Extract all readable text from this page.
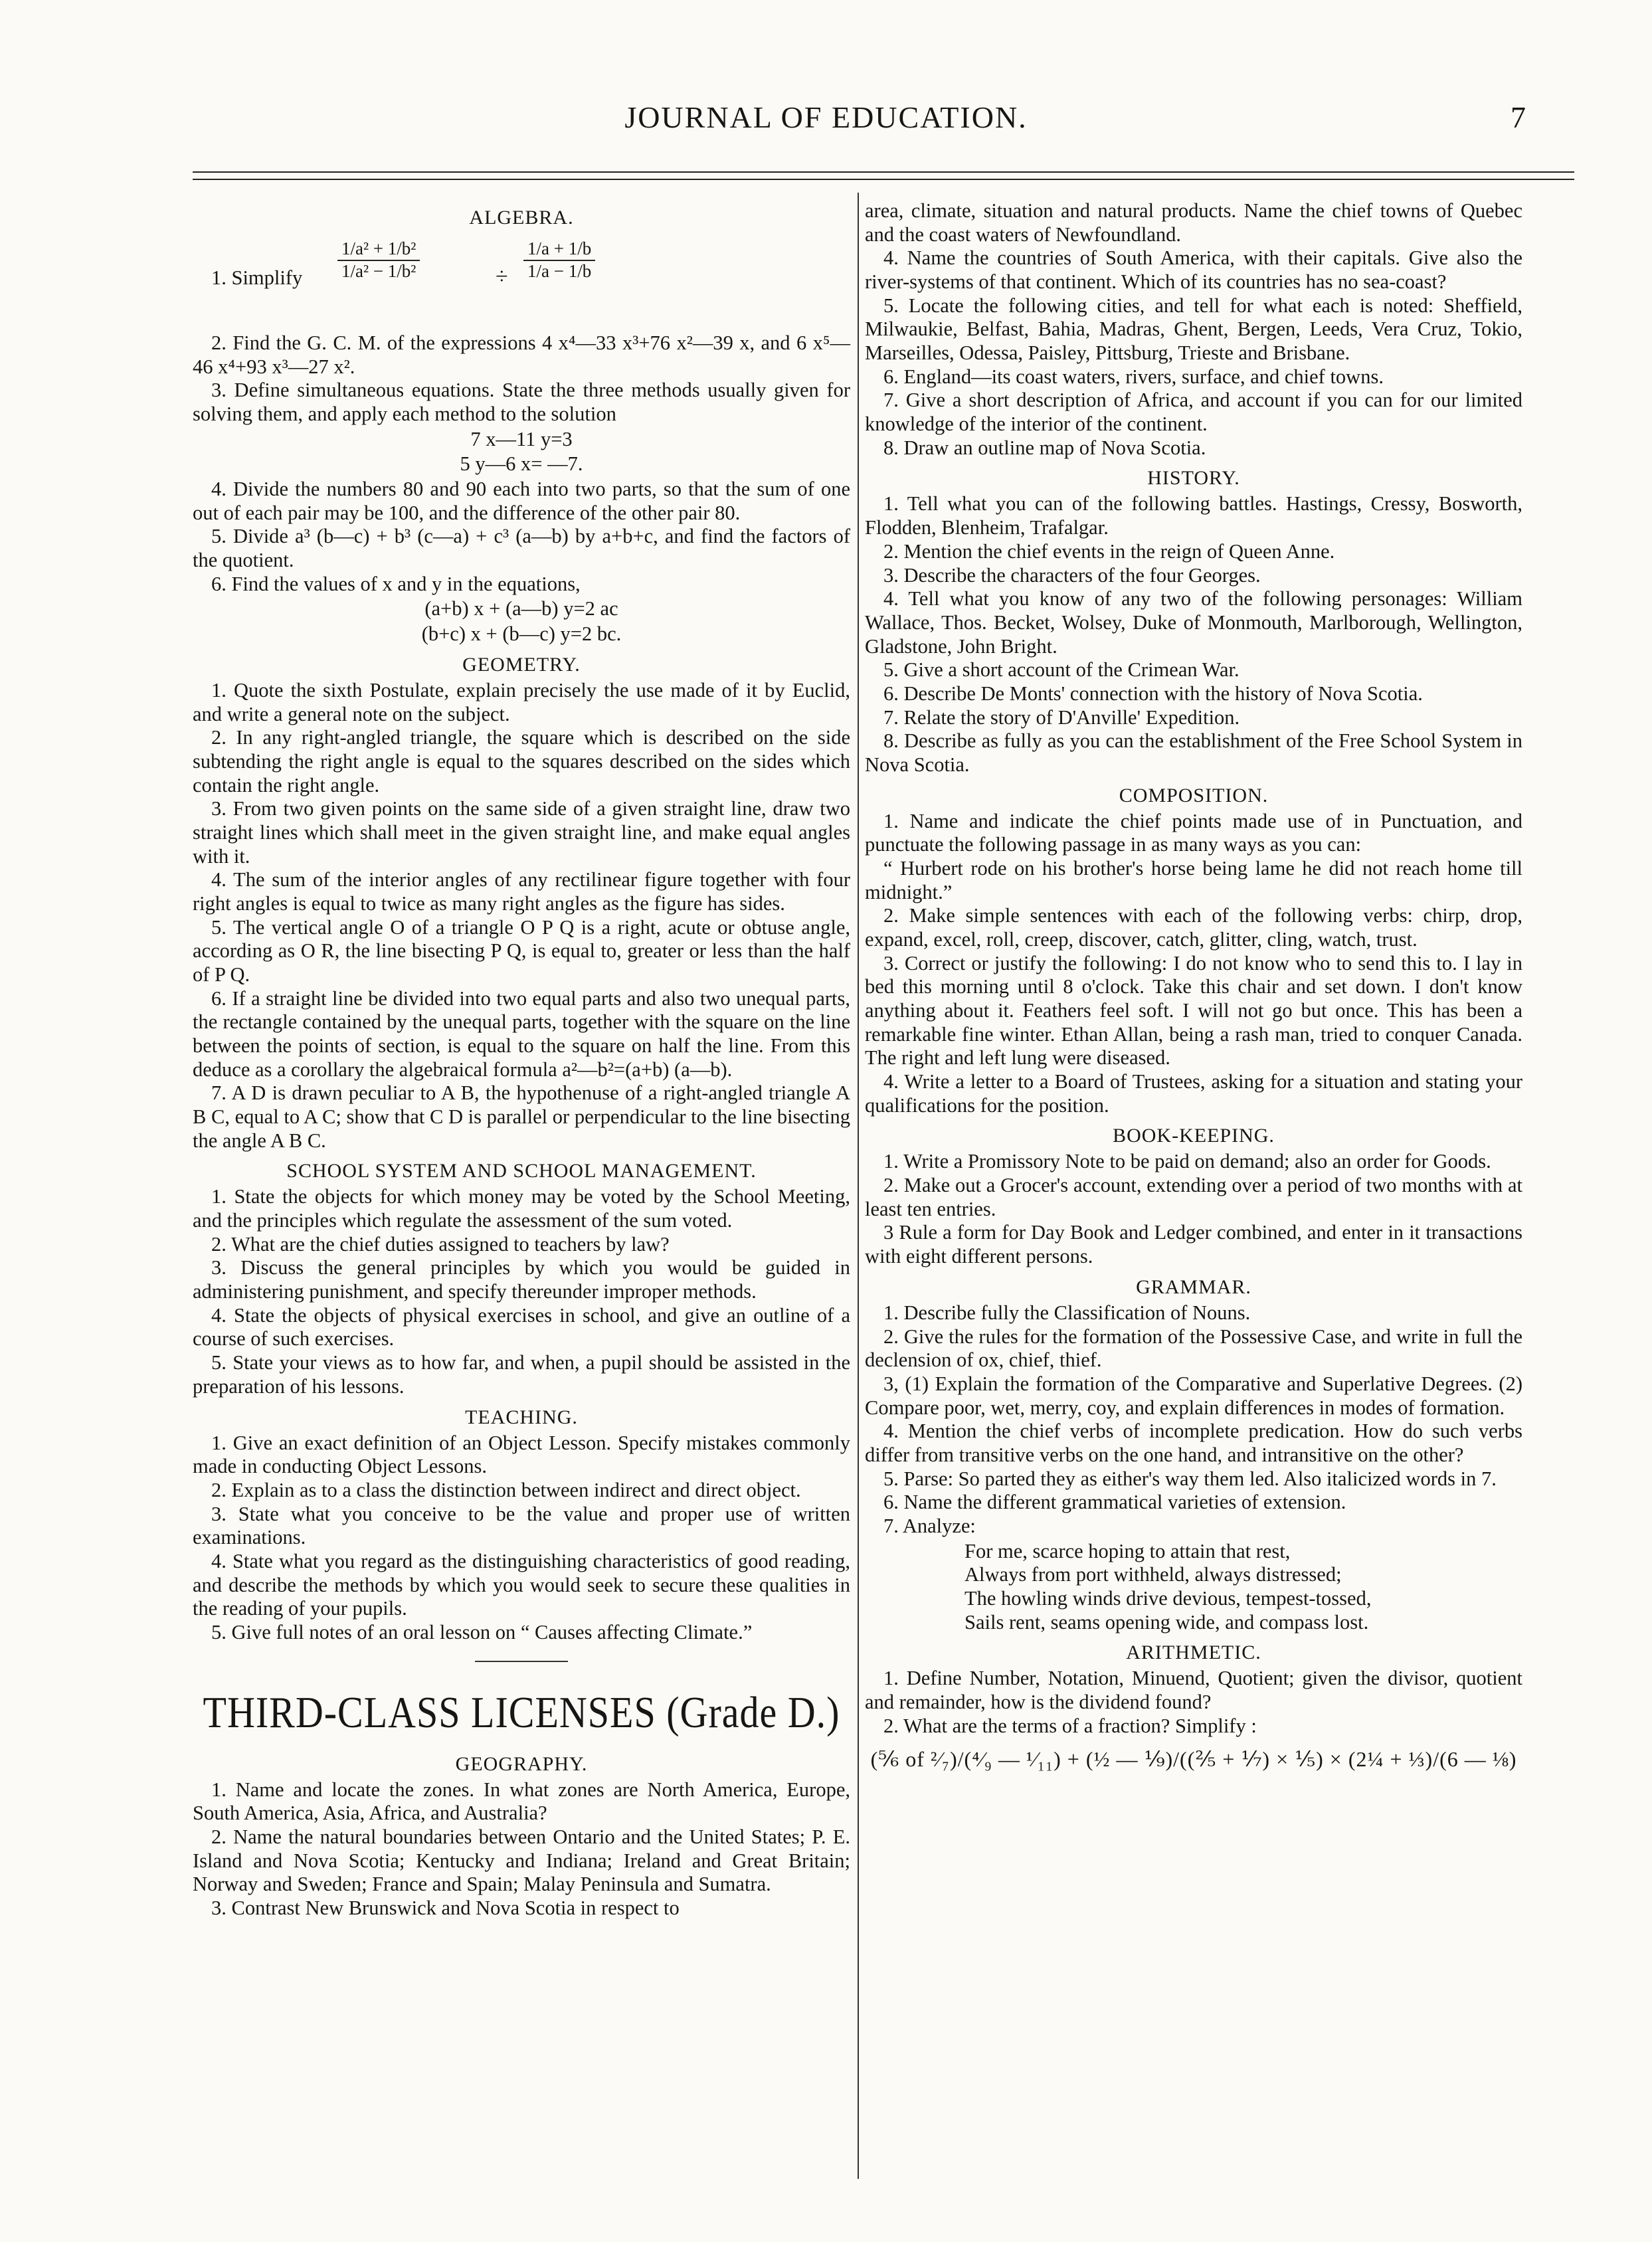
JOURNAL OF EDUCATION.	7
ALGEBRA.
1. Simplify $\frac{\text{1/a² + 1/b²}}{\text{1/a² − 1/b²}}$	÷ $\frac{1/a + 1/b}{1/a - 1/b}$

2. Find the G. C. M. of the expressions 4 x⁴—33 x³+76 x²—39 x, and 6 x⁵—46 x⁴+93 x³—27 x².

3. Define simultaneous equations. State the three methods usually given for solving them, and apply each method to the solution

7 x—11 y=3
5 y—6 x= —7.

4. Divide the numbers 80 and 90 each into two parts, so that the sum of one out of each pair may be 100, and the difference of the other pair 80.

5. Divide a³ (b—c) + b³ (c—a) + c³ (a—b) by a+b+c, and find the factors of the quotient.

6. Find the values of x and y in the equations,

(a+b) x + (a—b) y=2 ac
(b+c) x + (b—c) y=2 bc.
GEOMETRY.

1. Quote the sixth Postulate, explain precisely the use made of it by Euclid, and write a general note on the subject.

2. In any right-angled triangle, the square which is described on the side subtending the right angle is equal to the squares described on the sides which contain the right angle.

3. From two given points on the same side of a given straight line, draw two straight lines which shall meet in the given straight line, and make equal angles with it.

4. The sum of the interior angles of any rectilinear figure together with four right angles is equal to twice as many right angles as the figure has sides.

5. The vertical angle O of a triangle O P Q is a right, acute or obtuse angle, according as O R, the line bisecting P Q, is equal to, greater or less than the half of P Q.

6. If a straight line be divided into two equal parts and also two unequal parts, the rectangle contained by the unequal parts, together with the square on the line between the points of section, is equal to the square on half the line. From this deduce as a corollary the algebraical formula a²—b²=(a+b) (a—b).

7. A D is drawn peculiar to A B, the hypothenuse of a right-angled triangle A B C, equal to A C; show that C D is parallel or perpendicular to the line bisecting the angle A B C.

SCHOOL SYSTEM AND SCHOOL MANAGEMENT.

1. State the objects for which money may be voted by the School Meeting, and the principles which regulate the assessment of the sum voted.

2. What are the chief duties assigned to teachers by law?

3. Discuss the general principles by which you would be guided in administering punishment, and specify thereunder improper methods.

4. State the objects of physical exercises in school, and give an outline of a course of such exercises.

5. State your views as to how far, and when, a pupil should be assisted in the preparation of his lessons.

TEACHING.

1. Give an exact definition of an Object Lesson. Specify mistakes commonly made in conducting Object Lessons.

2. Explain as to a class the distinction between indirect and direct object.

3. State what you conceive to be the value and proper use of written examinations.

4. State what you regard as the distinguishing characteristics of good reading, and describe the methods by which you would seek to secure these qualities in the reading of your pupils.

5. Give full notes of an oral lesson on “ Causes affecting Climate.”

THIRD-CLASS LICENSES (Grade D.)
GEOGRAPHY.

1. Name and locate the zones. In what zones are North America, Europe, South America, Asia, Africa, and Australia?

2. Name the natural boundaries between Ontario and the United States; P. E. Island and Nova Scotia; Kentucky and Indiana; Ireland and Great Britain; Norway and Sweden; France and Spain; Malay Peninsula and Sumatra.

3. Contrast New Brunswick and Nova Scotia in respect to

area, climate, situation and natural products. Name the chief towns of Quebec and the coast waters of Newfoundland.

4. Name the countries of South America, with their capitals. Give also the river-systems of that continent. Which of its countries has no sea-coast?

5. Locate the following cities, and tell for what each is noted: Sheffield, Milwaukie, Belfast, Bahia, Madras, Ghent, Bergen, Leeds, Vera Cruz, Tokio, Marseilles, Odessa, Paisley, Pittsburg, Trieste and Brisbane.

6. England—its coast waters, rivers, surface, and chief towns.

7. Give a short description of Africa, and account if you can for our limited knowledge of the interior of the continent.

8. Draw an outline map of Nova Scotia.

HISTORY.

1. Tell what you can of the following battles. Hastings, Cressy, Bosworth, Flodden, Blenheim, Trafalgar.

2. Mention the chief events in the reign of Queen Anne.

3. Describe the characters of the four Georges.

4. Tell what you know of any two of the following personages: William Wallace, Thos. Becket, Wolsey, Duke of Monmouth, Marlborough, Wellington, Gladstone, John Bright.

5. Give a short account of the Crimean War.

6. Describe De Monts' connection with the history of Nova Scotia.

7. Relate the story of D'Anville' Expedition.

8. Describe as fully as you can the establishment of the Free School System in Nova Scotia.

COMPOSITION.

1. Name and indicate the chief points made use of in Punctuation, and punctuate the following passage in as many ways as you can:

“ Hurbert rode on his brother's horse being lame he did not reach home till midnight.”

2. Make simple sentences with each of the following verbs: chirp, drop, expand, excel, roll, creep, discover, catch, glitter, cling, watch, trust.

3. Correct or justify the following: I do not know who to send this to. I lay in bed this morning until 8 o'clock. Take this chair and set down. I don't know anything about it. Feathers feel soft. I will not go but once. This has been a remarkable fine winter. Ethan Allan, being a rash man, tried to conquer Canada. The right and left lung were diseased.

4. Write a letter to a Board of Trustees, asking for a situation and stating your qualifications for the position.

BOOK-KEEPING.

1. Write a Promissory Note to be paid on demand; also an order for Goods.

2. Make out a Grocer's account, extending over a period of two months with at least ten entries.

3 Rule a form for Day Book and Ledger combined, and enter in it transactions with eight different persons.

GRAMMAR.

1. Describe fully the Classification of Nouns.

2. Give the rules for the formation of the Possessive Case, and write in full the declension of ox, chief, thief.

3, (1) Explain the formation of the Comparative and Superlative Degrees. (2) Compare poor, wet, merry, coy, and explain differences in modes of formation.

4. Mention the chief verbs of incomplete predication. How do such verbs differ from transitive verbs on the one hand, and intransitive on the other?

5. Parse: So parted they as either's way them led. Also italicized words in 7.

6. Name the different grammatical varieties of extension.

7. Analyze:

For me, scarce hoping to attain that rest,
Always from port withheld, always distressed;
The howling winds drive devious, tempest-tossed,
Sails rent, seams opening wide, and compass lost.
ARITHMETIC.

1. Define Number, Notation, Minuend, Quotient; given the divisor, quotient and remainder, how is the dividend found?

2. What are the terms of a fraction? Simplify :

(⅚ of ²⁄₇)/(⁴⁄₉ — ¹⁄₁₁) + (½ — ⅑)/((⅖ + ⅐) × ⅕) × (2¼ + ⅓)/(6 — ⅛)
